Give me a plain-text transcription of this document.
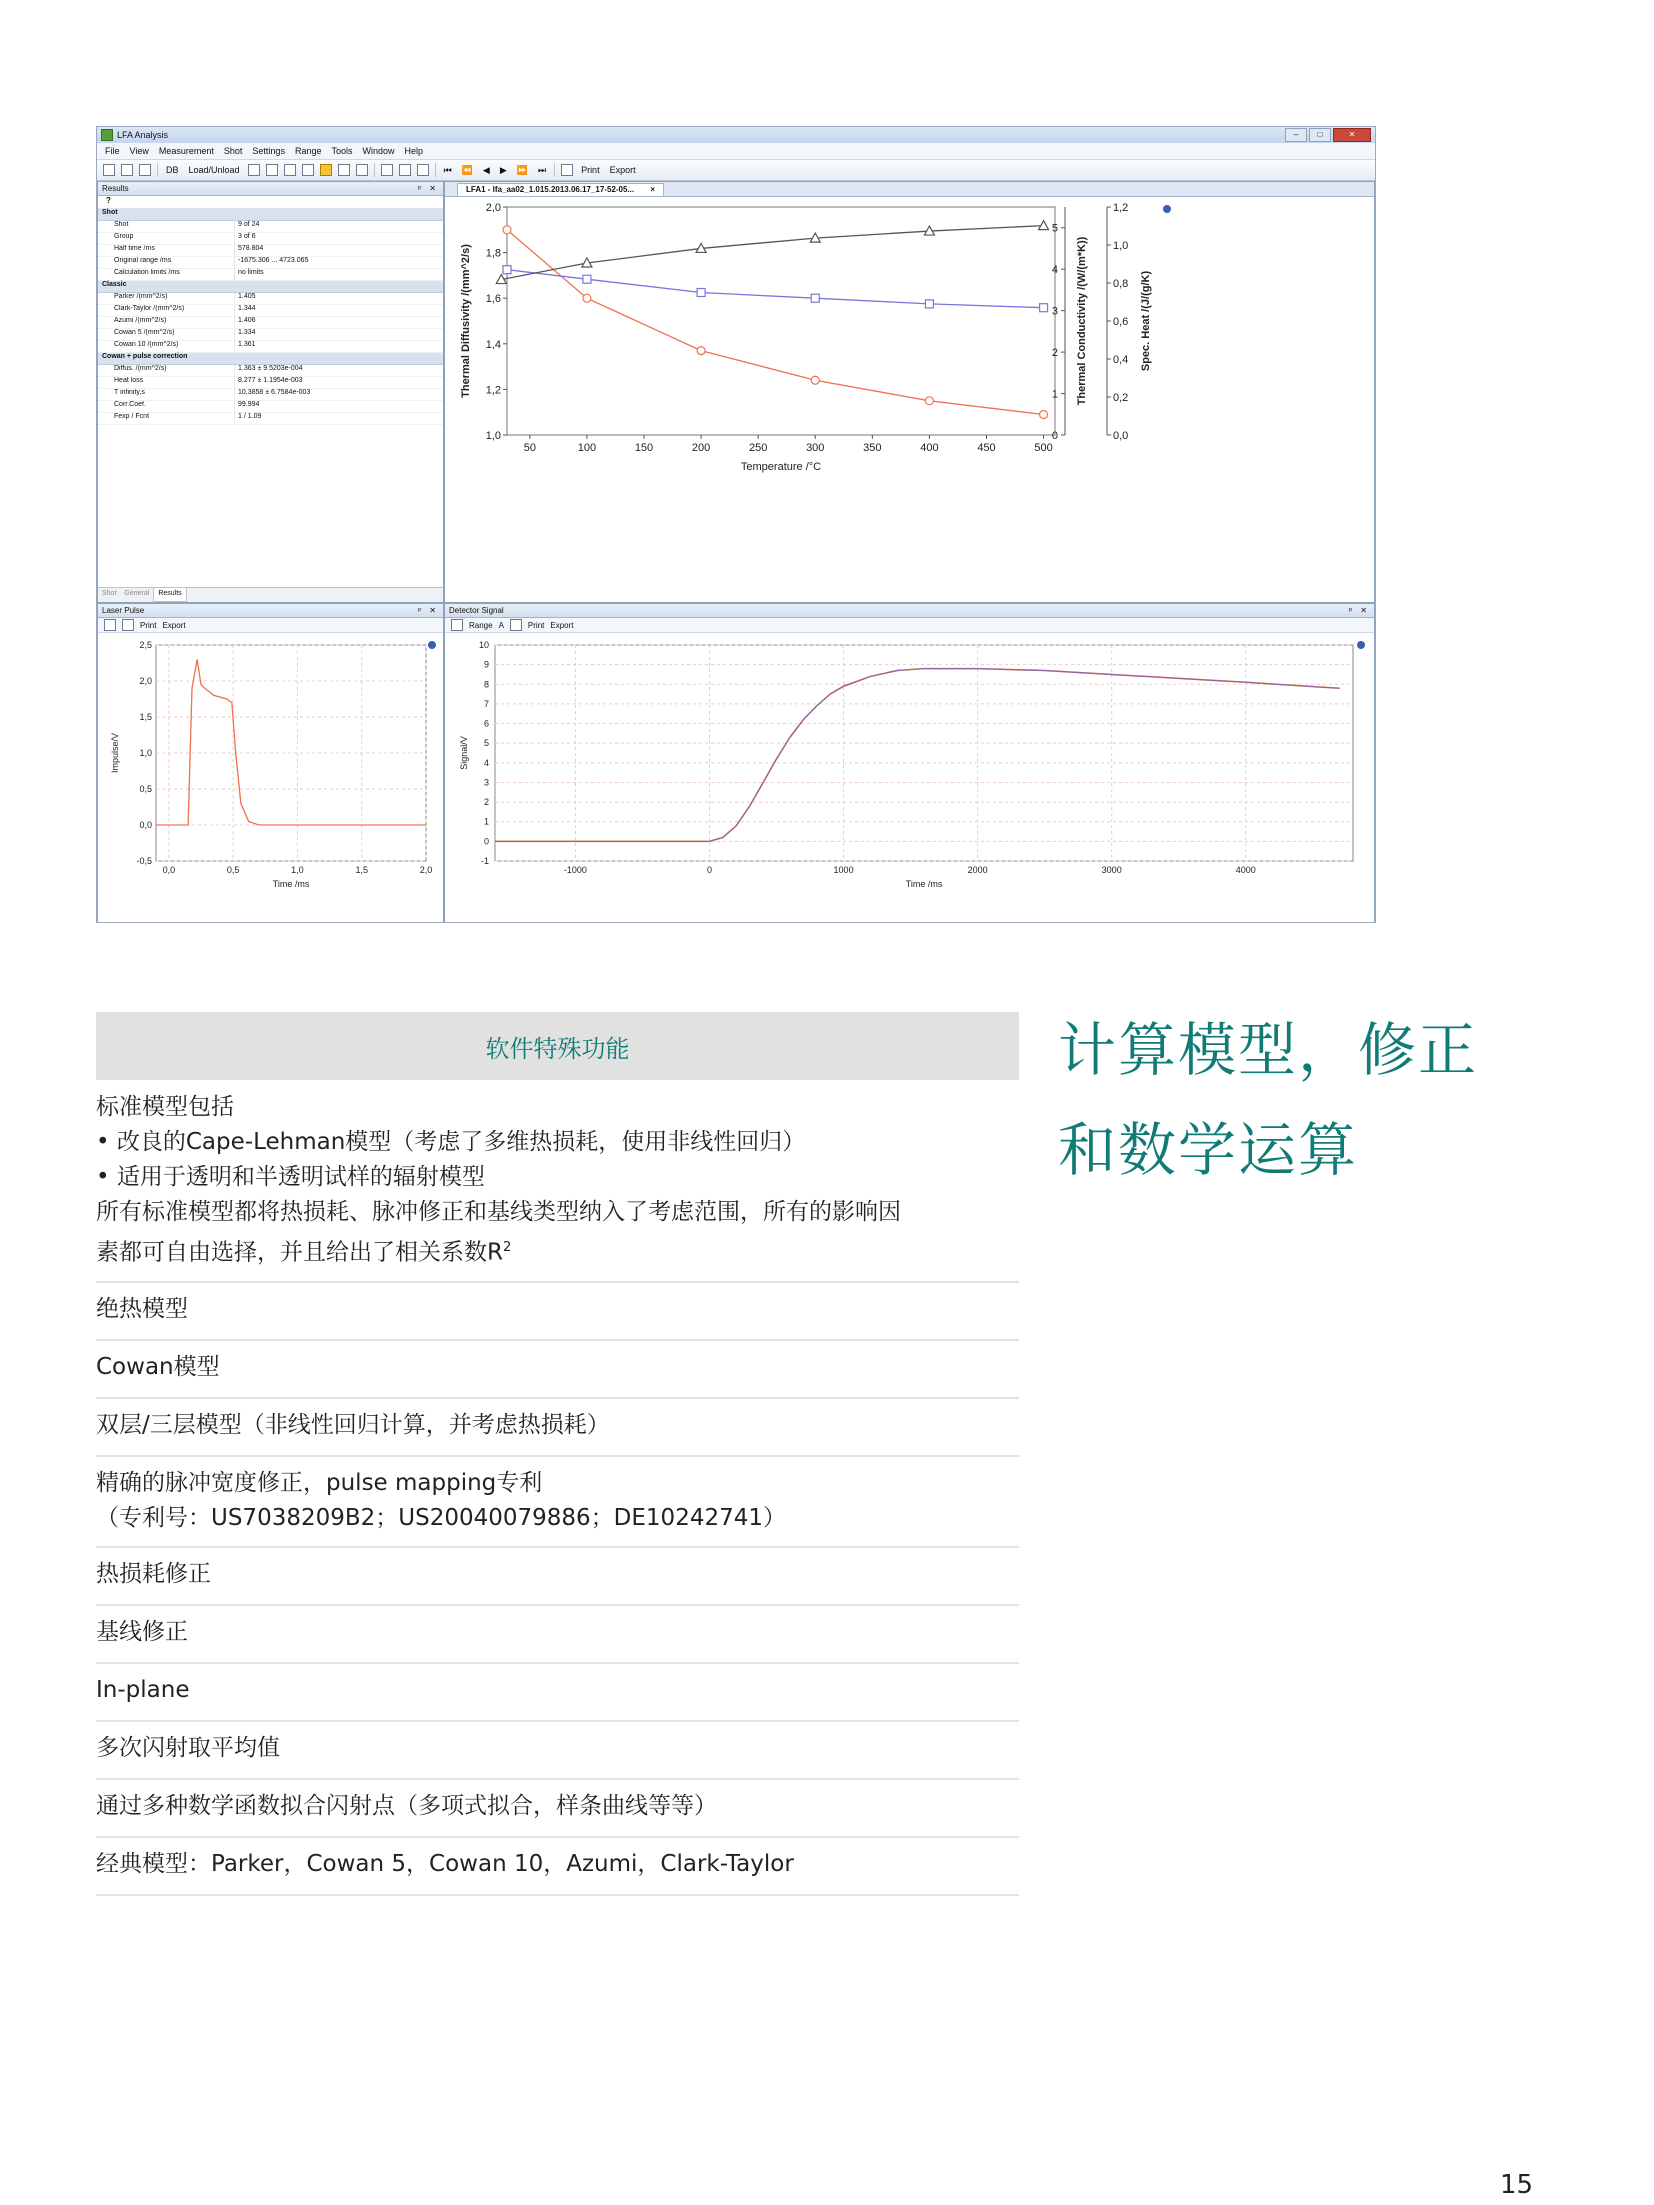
LFA Analysis	–	□	✕
File View Measurement Shot Settings Range Tools Window Help
DB Load/Unload	⏮ ⏪ ◀ ▶ ⏩ ⏭	Print Export
Results	ᵖ ✕
?
Shot
Shot	9 of 24
Group	3 of 6
Half time /ms	578.804
Original range /ms	-1675.306 ... 4723.065
Calculation limits /ms	no limits
Classic
Parker /(mm^2/s)	1.405
Clark-Taylor /(mm^2/s)	1.344
Azumi /(mm^2/s)	1.406
Cowan 5 /(mm^2/s)	1.334
Cowan 10 /(mm^2/s)	1.361
Cowan + pulse correction
Diffus. /(mm^2/s)	1.363 ± 9.5203e-004
Heat loss	8.277 ± 1.1954e-003
T infinity,s	10.3858 ± 6.7584e-003
Corr.Coef.	99.994
Fexp / Fcnt	1 / 1.09
Shot	General	Results
LFA1 - lfa_aa02_1.015.2013.06.17_17-52-05... ×
50	100	150	200	250	300	350	400	450	500
Temperature /°C
1,0
1,2
1,4
1,6
1,8
2,0
Thermal Diffusivity /(mm^2/s)
0
1
2
3
4
5
Thermal Conductivity /(W/(m*K))
0,0
0,2
0,4
0,6
0,8
1,0
1,2
Spec. Heat /(J/(g/K)
Laser Pulse	ᵖ ✕
Print Export
0,0	0,5	1,0	1,5	2,0
-0,5
0,0
0,5
1,0
1,5
2,0
2,5
Time /ms
Impulse/V
Detector Signal	ᵖ ✕
Range A	Print Export
-1000	0	1000	2000	3000	4000
-1
0
1
2
3
4
5
6
7
8
9
10
Time /ms
Signal/V
软件特殊功能
标准模型包括
• 改良的Cape-Lehman模型（考虑了多维热损耗，使用非线性回归）
• 适用于透明和半透明试样的辐射模型
所有标准模型都将热损耗、脉冲修正和基线类型纳入了考虑范围，所有的影响因
素都可自由选择，并且给出了相关系数$R^2$
绝热模型
Cowan模型
双层/三层模型（非线性回归计算，并考虑热损耗）
精确的脉冲宽度修正，pulse mapping专利
（专利号：US7038209B2；US20040079886；DE10242741）
热损耗修正
基线修正
In-plane
多次闪射取平均值
通过多种数学函数拟合闪射点（多项式拟合，样条曲线等等）
经典模型：Parker，Cowan 5，Cowan 10，Azumi，Clark-Taylor
计算模型，修正
和数学运算
15
